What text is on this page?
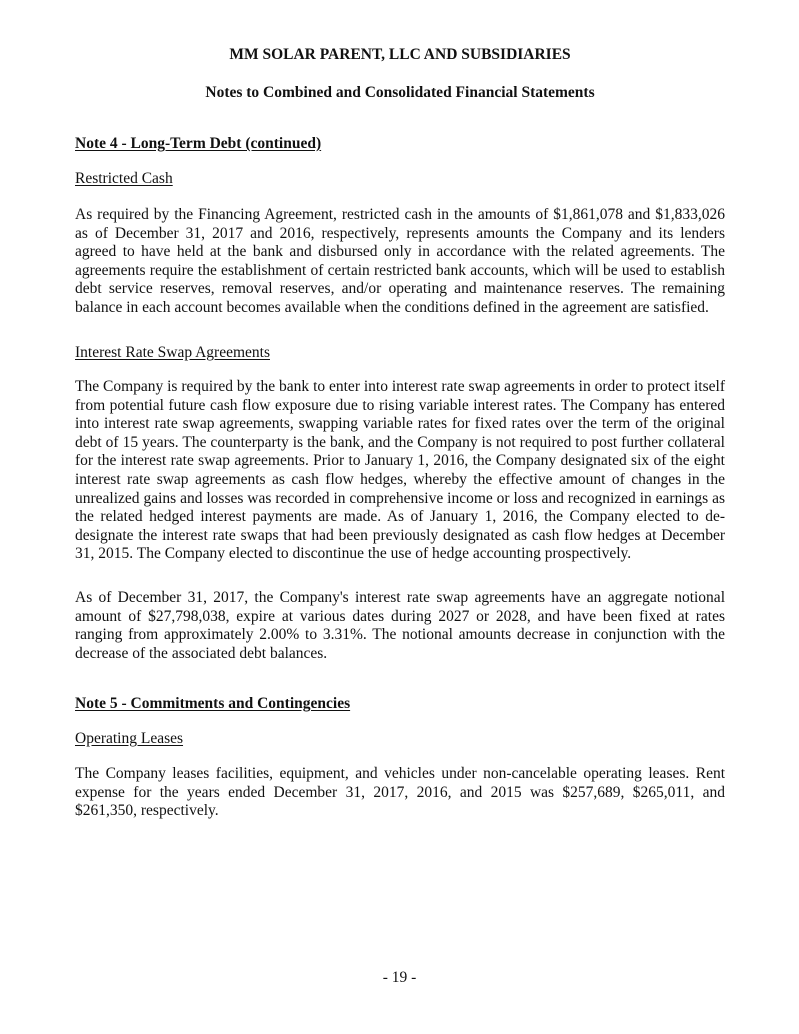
MM SOLAR PARENT, LLC AND SUBSIDIARIES
Notes to Combined and Consolidated Financial Statements
Note 4 - Long-Term Debt (continued)
Restricted Cash

As required by the Financing Agreement, restricted cash in the amounts of $1,861,078 and $1,833,026 as of December 31, 2017 and 2016, respectively, represents amounts the Company and its lenders agreed to have held at the bank and disbursed only in accordance with the related agreements. The agreements require the establishment of certain restricted bank accounts, which will be used to establish debt service reserves, removal reserves, and/or operating and maintenance reserves. The remaining balance in each account becomes available when the conditions defined in the agreement are satisfied.

Interest Rate Swap Agreements

The Company is required by the bank to enter into interest rate swap agreements in order to protect itself from potential future cash flow exposure due to rising variable interest rates. The Company has entered into interest rate swap agreements, swapping variable rates for fixed rates over the term of the original debt of 15 years. The counterparty is the bank, and the Company is not required to post further collateral for the interest rate swap agreements. Prior to January 1, 2016, the Company designated six of the eight interest rate swap agreements as cash flow hedges, whereby the effective amount of changes in the unrealized gains and losses was recorded in comprehensive income or loss and recognized in earnings as the related hedged interest payments are made. As of January 1, 2016, the Company elected to de-designate the interest rate swaps that had been previously designated as cash flow hedges at December 31, 2015. The Company elected to discontinue the use of hedge accounting prospectively.

As of December 31, 2017, the Company's interest rate swap agreements have an aggregate notional amount of $27,798,038, expire at various dates during 2027 or 2028, and have been fixed at rates ranging from approximately 2.00% to 3.31%. The notional amounts decrease in conjunction with the decrease of the associated debt balances.

Note 5 - Commitments and Contingencies
Operating Leases

The Company leases facilities, equipment, and vehicles under non-cancelable operating leases. Rent expense for the years ended December 31, 2017, 2016, and 2015 was $257,689, $265,011, and $261,350, respectively.

- 19 -
